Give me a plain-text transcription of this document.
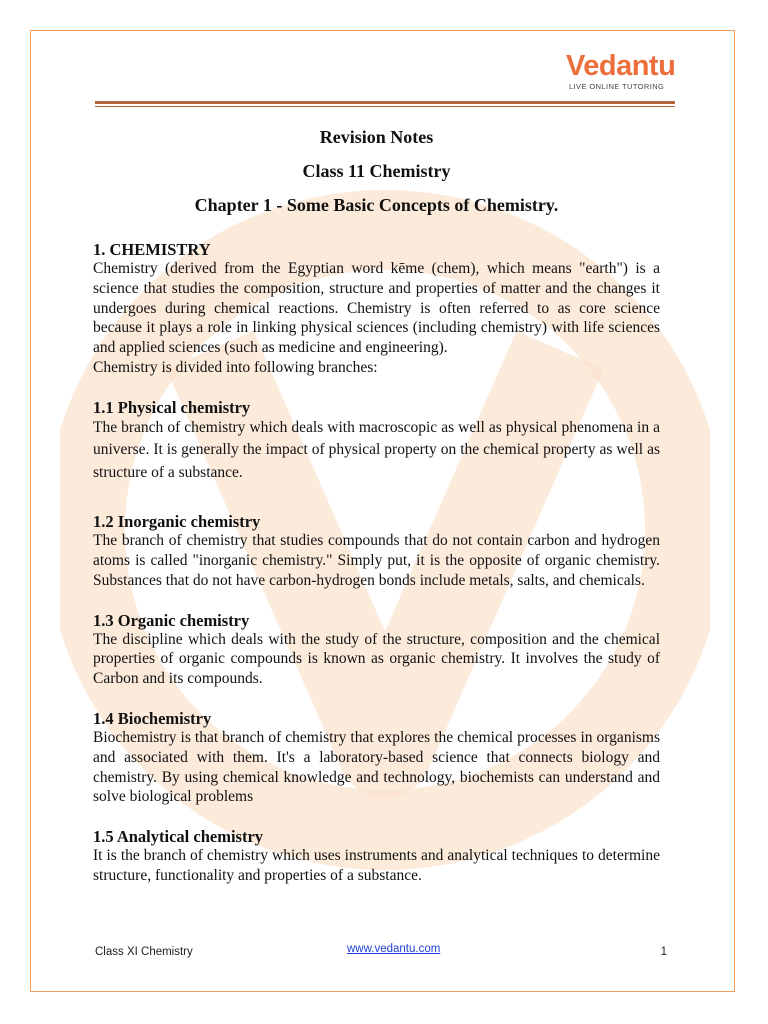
Vedantu
LIVE ONLINE TUTORING

Revision Notes

Class 11 Chemistry

Chapter 1 - Some Basic Concepts of Chemistry.

1. CHEMISTRY

Chemistry (derived from the Egyptian word kēme (chem), which means "earth") is a science that studies the composition, structure and properties of matter and the changes it undergoes during chemical reactions. Chemistry is often referred to as core science because it plays a role in linking physical sciences (including chemistry) with life sciences and applied sciences (such as medicine and engineering).

Chemistry is divided into following branches:

1.1 Physical chemistry

The branch of chemistry which deals with macroscopic as well as physical phenomena in a universe. It is generally the impact of physical property on the chemical property as well as structure of a substance.

1.2 Inorganic chemistry

The branch of chemistry that studies compounds that do not contain carbon and hydrogen atoms is called "inorganic chemistry." Simply put, it is the opposite of organic chemistry. Substances that do not have carbon-hydrogen bonds include metals, salts, and chemicals.

1.3 Organic chemistry

The discipline which deals with the study of the structure, composition and the chemical properties of organic compounds is known as organic chemistry. It involves the study of Carbon and its compounds.

1.4 Biochemistry

Biochemistry is that branch of chemistry that explores the chemical processes in organisms and associated with them. It's a laboratory-based science that connects biology and chemistry. By using chemical knowledge and technology, biochemists can understand and solve biological problems

1.5 Analytical chemistry

It is the branch of chemistry which uses instruments and analytical techniques to determine structure, functionality and properties of a substance.

Class XI Chemistry	www.vedantu.com	1
